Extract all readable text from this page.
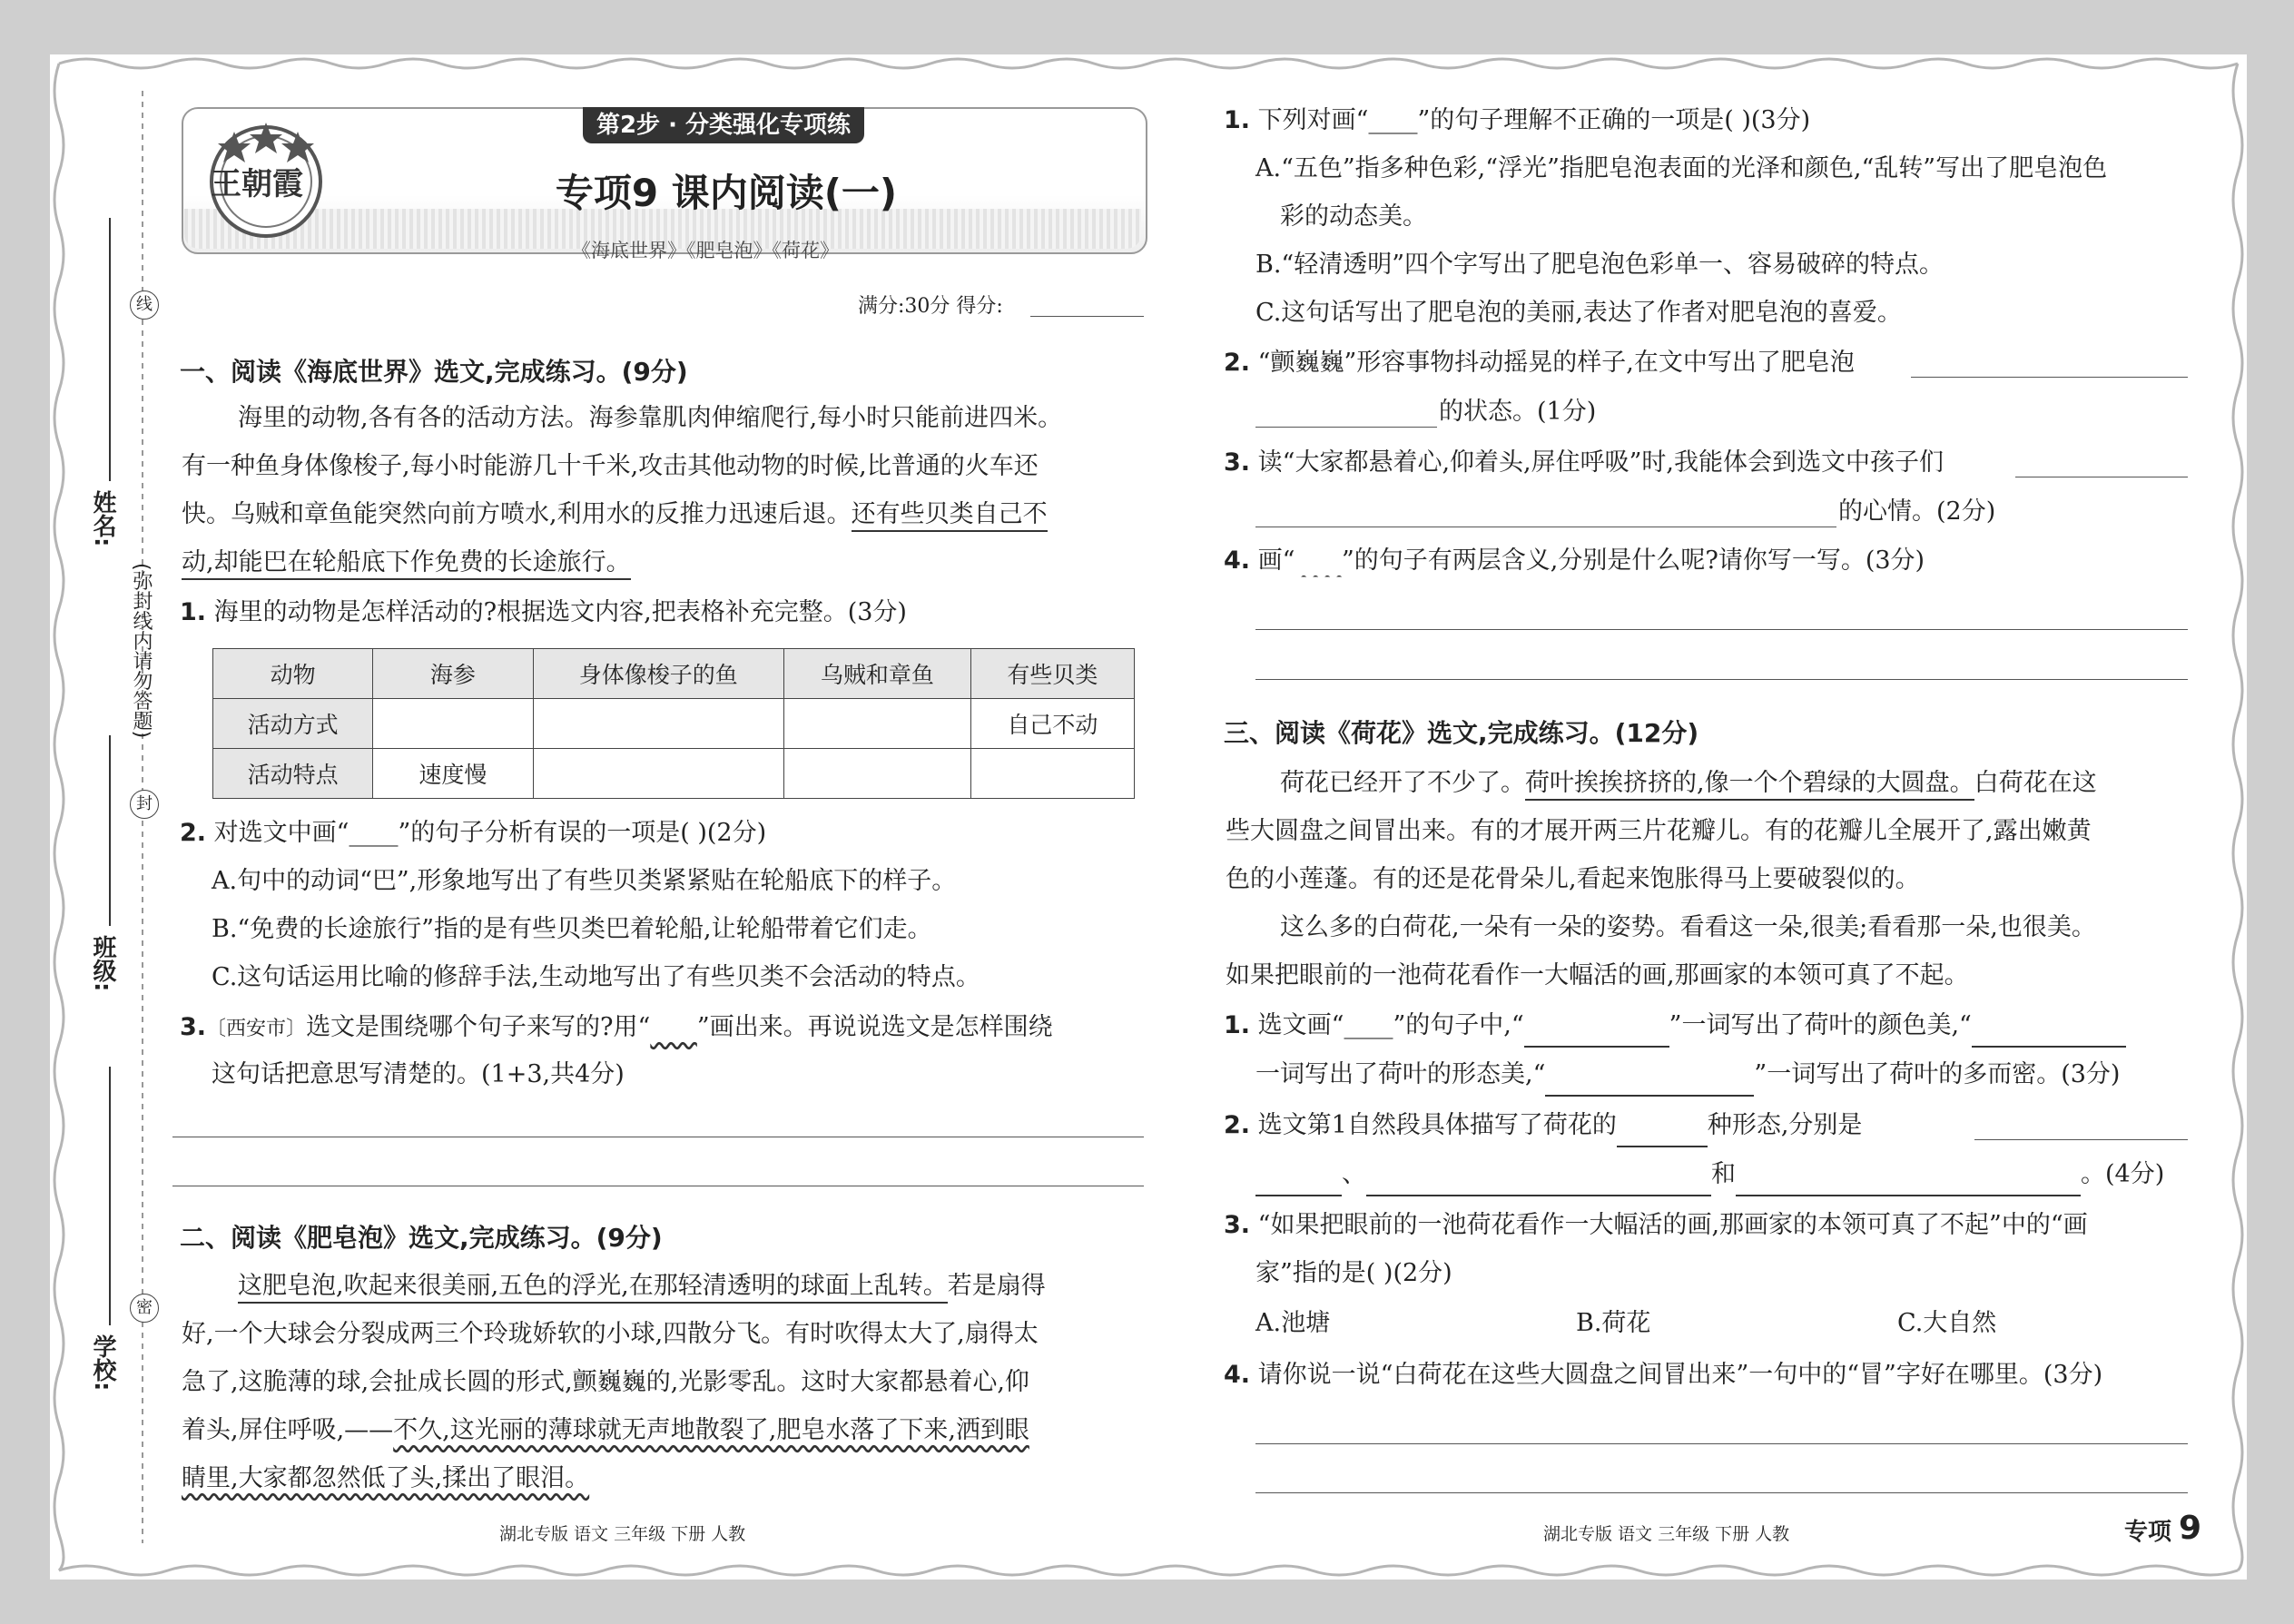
姓名:
班级:
学校:
线
封
密
(弥封线内请勿答题)
王朝霞
第2步 · 分类强化专项练
专项9 课内阅读(一)
《海底世界》《肥皂泡》《荷花》
满分:30分 得分:
一、阅读《海底世界》选文,完成练习。(9分)
海里的动物,各有各的活动方法。海参靠肌肉伸缩爬行,每小时只能前进四米。
有一种鱼身体像梭子,每小时能游几十千米,攻击其他动物的时候,比普通的火车还
快。乌贼和章鱼能突然向前方喷水,利用水的反推力迅速后退。还有些贝类自己不
动,却能巴在轮船底下作免费的长途旅行。
1. 海里的动物是怎样活动的?根据选文内容,把表格补充完整。(3分)
动物	海参	身体像梭子的鱼	乌贼和章鱼	有些贝类
活动方式				自己不动
活动特点	速度慢			
2. 对选文中画“____”的句子分析有误的一项是( )(2分)
A.句中的动词“巴”,形象地写出了有些贝类紧紧贴在轮船底下的样子。
B.“免费的长途旅行”指的是有些贝类巴着轮船,让轮船带着它们走。
C.这句话运用比喻的修辞手法,生动地写出了有些贝类不会活动的特点。
3.〔西安市〕选文是围绕哪个句子来写的?用“ ”画出来。再说说选文是怎样围绕
这句话把意思写清楚的。(1+3,共4分)
二、阅读《肥皂泡》选文,完成练习。(9分)
这肥皂泡,吹起来很美丽,五色的浮光,在那轻清透明的球面上乱转。若是扇得
好,一个大球会分裂成两三个玲珑娇软的小球,四散分飞。有时吹得太大了,扇得太
急了,这脆薄的球,会扯成长圆的形式,颤巍巍的,光影零乱。这时大家都悬着心,仰
着头,屏住呼吸,——不久,这光丽的薄球就无声地散裂了,肥皂水落了下来,洒到眼
睛里,大家都忽然低了头,揉出了眼泪。
湖北专版 语文 三年级 下册 人教
1. 下列对画“____”的句子理解不正确的一项是( )(3分)
A.“五色”指多种色彩,“浮光”指肥皂泡表面的光泽和颜色,“乱转”写出了肥皂泡色
彩的动态美。
B.“轻清透明”四个字写出了肥皂泡色彩单一、容易破碎的特点。
C.这句话写出了肥皂泡的美丽,表达了作者对肥皂泡的喜爱。
2. “颤巍巍”形容事物抖动摇晃的样子,在文中写出了肥皂泡
的状态。(1分)
3. 读“大家都悬着心,仰着头,屏住呼吸”时,我能体会到选文中孩子们
的心情。(2分)
4. 画“ ”的句子有两层含义,分别是什么呢?请你写一写。(3分)
三、阅读《荷花》选文,完成练习。(12分)
荷花已经开了不少了。荷叶挨挨挤挤的,像一个个碧绿的大圆盘。白荷花在这
些大圆盘之间冒出来。有的才展开两三片花瓣儿。有的花瓣儿全展开了,露出嫩黄
色的小莲蓬。有的还是花骨朵儿,看起来饱胀得马上要破裂似的。
这么多的白荷花,一朵有一朵的姿势。看看这一朵,很美;看看那一朵,也很美。
如果把眼前的一池荷花看作一大幅活的画,那画家的本领可真了不起。
1. 选文画“____”的句子中,“	”一词写出了荷叶的颜色美,“
一词写出了荷叶的形态美,“	”一词写出了荷叶的多而密。(3分)
2. 选文第1自然段具体描写了荷花的	种形态,分别是
、	和	。(4分)
3. “如果把眼前的一池荷花看作一大幅活的画,那画家的本领可真了不起”中的“画
家”指的是( )(2分)
A.池塘	B.荷花	C.大自然
4. 请你说一说“白荷花在这些大圆盘之间冒出来”一句中的“冒”字好在哪里。(3分)
湖北专版 语文 三年级 下册 人教	专项 9
